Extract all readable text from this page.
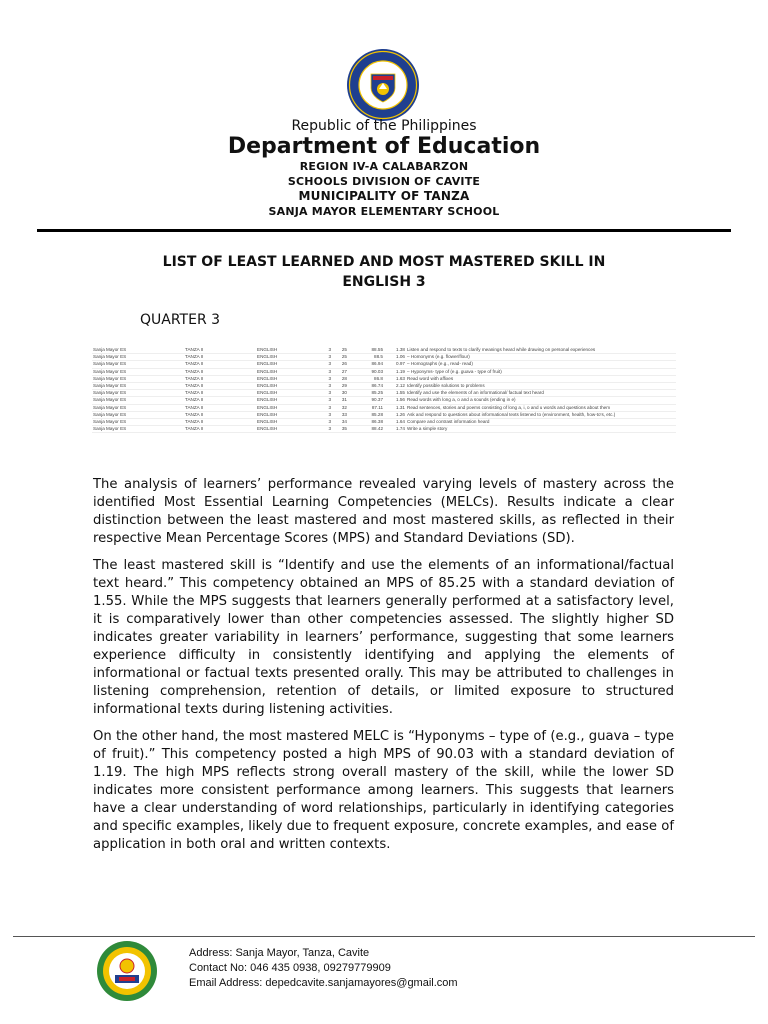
Republic of the Philippines
Department of Education
REGION IV-A CALABARZON
SCHOOLS DIVISION OF CAVITE
MUNICIPALITY OF TANZA
SANJA MAYOR ELEMENTARY SCHOOL
LIST OF LEAST LEARNED AND MOST MASTERED SKILL IN
ENGLISH 3
QUARTER 3
Sanja Mayor ES	TANZA II	ENGLISH	3	25	88.55	1.38	Listen and respond to texts to clarify meanings heard while drawing on personal experiences
Sanja Mayor ES	TANZA II	ENGLISH	3	25	88.5	1.06	– Homonyms (e.g. flower/flour)
Sanja Mayor ES	TANZA II	ENGLISH	3	26	86.94	0.97	– Homographs (e.g., read- read)
Sanja Mayor ES	TANZA II	ENGLISH	3	27	90.03	1.19	– Hyponyms- type of (e.g. guava - type of fruit)
Sanja Mayor ES	TANZA II	ENGLISH	3	28	86.8	1.63	Read word with affixes
Sanja Mayor ES	TANZA II	ENGLISH	3	29	86.74	2.12	Identify possible solutions to problems
Sanja Mayor ES	TANZA II	ENGLISH	3	30	85.25	1.55	Identify and use the elements of an informational/ factual text heard
Sanja Mayor ES	TANZA II	ENGLISH	3	31	90.37	1.56	Read words with long a, o and a sounds (ending in e)
Sanja Mayor ES	TANZA II	ENGLISH	3	32	87.11	1.31	Read sentences, stories and poems consisting of long a, i, o and u words and questions about them
Sanja Mayor ES	TANZA II	ENGLISH	3	33	85.28	1.26	Ask and respond to questions about informational texts listened to (environment, health, how-to's, etc.)
Sanja Mayor ES	TANZA II	ENGLISH	3	34	86.38	1.64	Compare and contrast information heard
Sanja Mayor ES	TANZA II	ENGLISH	3	35	88.42	1.74	Write a simple story

The analysis of learners’ performance revealed varying levels of mastery across the identified Most Essential Learning Competencies (MELCs). Results indicate a clear distinction between the least mastered and most mastered skills, as reflected in their respective Mean Percentage Scores (MPS) and Standard Deviations (SD).

The least mastered skill is “Identify and use the elements of an informational/factual text heard.” This competency obtained an MPS of 85.25 with a standard deviation of 1.55. While the MPS suggests that learners generally performed at a satisfactory level, it is comparatively lower than other competencies assessed. The slightly higher SD indicates greater variability in learners’ performance, suggesting that some learners experience difficulty in consistently identifying and applying the elements of informational or factual texts presented orally. This may be attributed to challenges in listening comprehension, retention of details, or limited exposure to structured informational texts during listening activities.

On the other hand, the most mastered MELC is “Hyponyms – type of (e.g., guava – type of fruit).” This competency posted a high MPS of 90.03 with a standard deviation of 1.19. The high MPS reflects strong overall mastery of the skill, while the lower SD indicates more consistent performance among learners. This suggests that learners have a clear understanding of word relationships, particularly in identifying categories and specific examples, likely due to frequent exposure, concrete examples, and ease of application in both oral and written contexts.

Address: Sanja Mayor, Tanza, Cavite
Contact No: 046 435 0938, 09279779909
Email Address: depedcavite.sanjamayores@gmail.com
